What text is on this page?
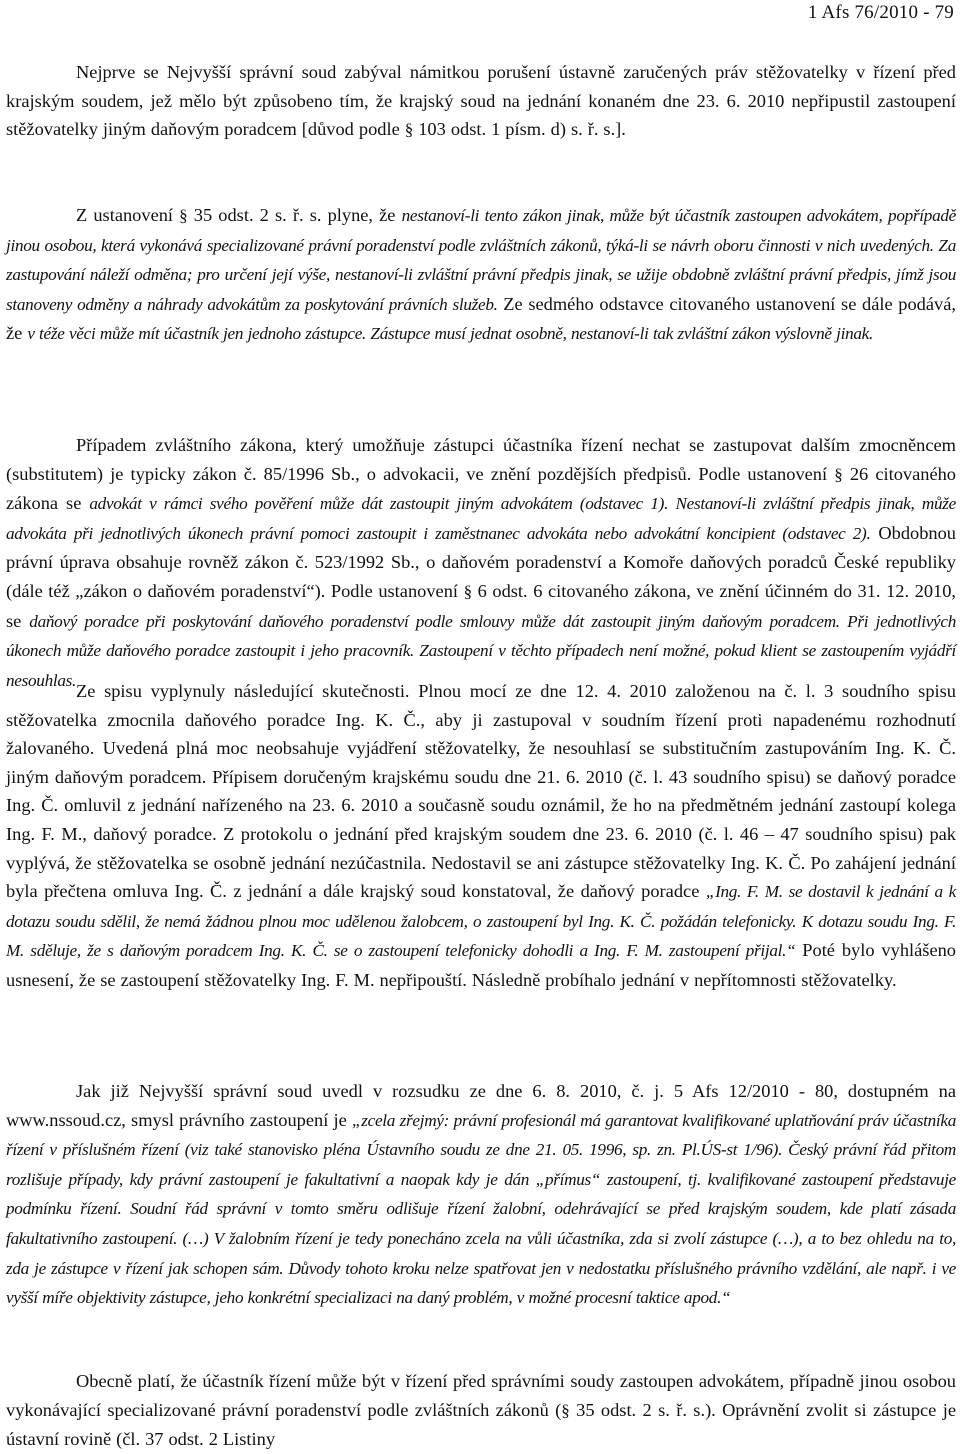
1 Afs 76/2010 - 79

Nejprve se Nejvyšší správní soud zabýval námitkou porušení ústavně zaručených práv stěžovatelky v řízení před krajským soudem, jež mělo být způsobeno tím, že krajský soud na jednání konaném dne 23. 6. 2010 nepřipustil zastoupení stěžovatelky jiným daňovým poradcem [důvod podle § 103 odst. 1 písm. d) s. ř. s.].

Z ustanovení § 35 odst. 2 s. ř. s. plyne, že nestanoví-li tento zákon jinak, může být účastník zastoupen advokátem, popřípadě jinou osobou, která vykonává specializované právní poradenství podle zvláštních zákonů, týká-li se návrh oboru činnosti v nich uvedených. Za zastupování náleží odměna; pro určení její výše, nestanoví-li zvláštní právní předpis jinak, se užije obdobně zvláštní právní předpis, jímž jsou stanoveny odměny a náhrady advokátům za poskytování právních služeb. Ze sedmého odstavce citovaného ustanovení se dále podává, že v téže věci může mít účastník jen jednoho zástupce. Zástupce musí jednat osobně, nestanoví-li tak zvláštní zákon výslovně jinak.

Případem zvláštního zákona, který umožňuje zástupci účastníka řízení nechat se zastupovat dalším zmocněncem (substitutem) je typicky zákon č. 85/1996 Sb., o advokacii, ve znění pozdějších předpisů. Podle ustanovení § 26 citovaného zákona se advokát v rámci svého pověření může dát zastoupit jiným advokátem (odstavec 1). Nestanoví-li zvláštní předpis jinak, může advokáta při jednotlivých úkonech právní pomoci zastoupit i zaměstnanec advokáta nebo advokátní koncipient (odstavec 2). Obdobnou právní úprava obsahuje rovněž zákon č. 523/1992 Sb., o daňovém poradenství a Komoře daňových poradců České republiky (dále též „zákon o daňovém poradenství“). Podle ustanovení § 6 odst. 6 citovaného zákona, ve znění účinném do 31. 12. 2010, se daňový poradce při poskytování daňového poradenství podle smlouvy může dát zastoupit jiným daňovým poradcem. Při jednotlivých úkonech může daňového poradce zastoupit i jeho pracovník. Zastoupení v těchto případech není možné, pokud klient se zastoupením vyjádří nesouhlas.

Ze spisu vyplynuly následující skutečnosti. Plnou mocí ze dne 12. 4. 2010 založenou na č. l. 3 soudního spisu stěžovatelka zmocnila daňového poradce Ing. K. Č., aby ji zastupoval v soudním řízení proti napadenému rozhodnutí žalovaného. Uvedená plná moc neobsahuje vyjádření stěžovatelky, že nesouhlasí se substitučním zastupováním Ing. K. Č. jiným daňovým poradcem. Přípisem doručeným krajskému soudu dne 21. 6. 2010 (č. l. 43 soudního spisu) se daňový poradce Ing. Č. omluvil z jednání nařízeného na 23. 6. 2010 a současně soudu oznámil, že ho na předmětném jednání zastoupí kolega Ing. F. M., daňový poradce. Z protokolu o jednání před krajským soudem dne 23. 6. 2010 (č. l. 46 – 47 soudního spisu) pak vyplývá, že stěžovatelka se osobně jednání nezúčastnila. Nedostavil se ani zástupce stěžovatelky Ing. K. Č. Po zahájení jednání byla přečtena omluva Ing. Č. z jednání a dále krajský soud konstatoval, že daňový poradce „Ing. F. M. se dostavil k jednání a k dotazu soudu sdělil, že nemá žádnou plnou moc udělenou žalobcem, o zastoupení byl Ing. K. Č. požádán telefonicky. K dotazu soudu Ing. F. M. sděluje, že s daňovým poradcem Ing. K. Č. se o zastoupení telefonicky dohodli a Ing. F. M. zastoupení přijal.“ Poté bylo vyhlášeno usnesení, že se zastoupení stěžovatelky Ing. F. M. nepřipouští. Následně probíhalo jednání v nepřítomnosti stěžovatelky.

Jak již Nejvyšší správní soud uvedl v rozsudku ze dne 6. 8. 2010, č. j. 5 Afs 12/2010 - 80, dostupném na www.nssoud.cz, smysl právního zastoupení je „zcela zřejmý: právní profesionál má garantovat kvalifikované uplatňování práv účastníka řízení v příslušném řízení (viz také stanovisko pléna Ústavního soudu ze dne 21. 05. 1996, sp. zn. Pl.ÚS-st 1/96). Český právní řád přitom rozlišuje případy, kdy právní zastoupení je fakultativní a naopak kdy je dán „přímus“ zastoupení, tj. kvalifikované zastoupení představuje podmínku řízení. Soudní řád správní v tomto směru odlišuje řízení žalobní, odehrávající se před krajským soudem, kde platí zásada fakultativního zastoupení. (…) V žalobním řízení je tedy ponecháno zcela na vůli účastníka, zda si zvolí zástupce (…), a to bez ohledu na to, zda je zástupce v řízení jak schopen sám. Důvody tohoto kroku nelze spatřovat jen v nedostatku příslušného právního vzdělání, ale např. i ve vyšší míře objektivity zástupce, jeho konkrétní specializaci na daný problém, v možné procesní taktice apod.“

Obecně platí, že účastník řízení může být v řízení před správními soudy zastoupen advokátem, případně jinou osobou vykonávající specializované právní poradenství podle zvláštních zákonů (§ 35 odst. 2 s. ř. s.). Oprávnění zvolit si zástupce je ústavní rovině (čl. 37 odst. 2 Listiny
